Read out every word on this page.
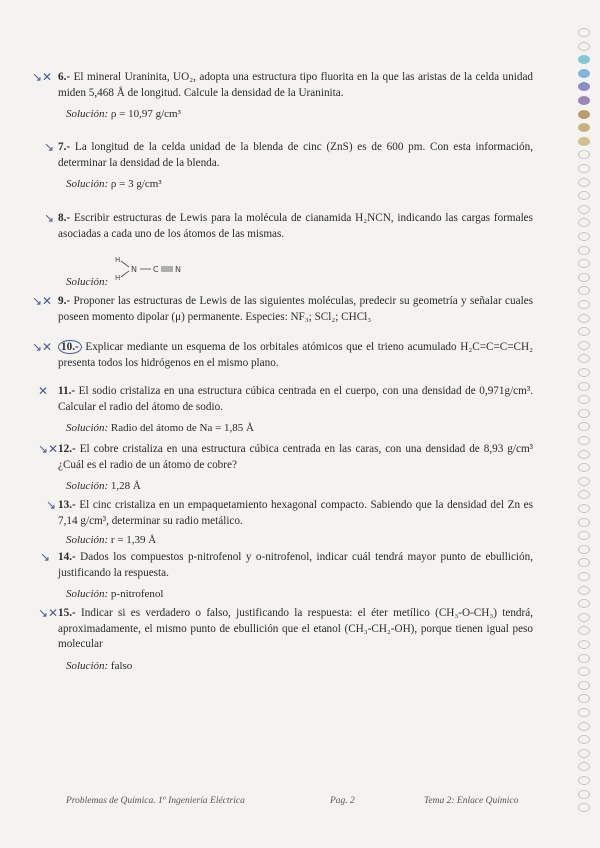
↘✕ 6.- El mineral Uraninita, UO₂, adopta una estructura tipo fluorita en la que las aristas de la celda unidad miden 5,468 Å de longitud. Calcule la densidad de la Uraninita.
Solución: ρ = 10,97 g/cm³
↘ 7.- La longitud de la celda unidad de la blenda de cinc (ZnS) es de 600 pm. Con esta información, determinar la densidad de la blenda.
Solución: ρ = 3 g/cm³
↘ 8.- Escribir estructuras de Lewis para la molécula de cianamida H₂NCN, indicando las cargas formales asociadas a cada uno de los átomos de las mismas.
Solución:
H
H
N C N
↘✕ 9.- Proponer las estructuras de Lewis de las siguientes moléculas, predecir su geometría y señalar cuales poseen momento dipolar (μ) permanente. Especies: NF₃; SCl₂; CHCl₃
↘✕ 10.- Explicar mediante un esquema de los orbitales atómicos que el trieno acumulado H₂C=C=C=CH₂ presenta todos los hidrógenos en el mismo plano.
✕ 11.- El sodio cristaliza en una estructura cúbica centrada en el cuerpo, con una densidad de 0,971g/cm³. Calcular el radio del átomo de sodio.
Solución: Radio del átomo de Na = 1,85 Å
↘✕ 12.- El cobre cristaliza en una estructura cúbica centrada en las caras, con una densidad de 8,93 g/cm³ ¿Cuál es el radio de un átomo de cobre?
Solución: 1,28 Å
↘ 13.- El cinc cristaliza en un empaquetamiento hexagonal compacto. Sabiendo que la densidad del Zn es 7,14 g/cm³, determinar su radio metálico.
Solución: r = 1,39 Å
↘ 14.- Dados los compuestos p-nitrofenol y o-nitrofenol, indicar cuál tendrá mayor punto de ebullición, justificando la respuesta.
Solución: p-nitrofenol
↘✕ 15.- Indicar si es verdadero o falso, justificando la respuesta: el éter metílico (CH₃-O-CH₃) tendrá, aproximadamente, el mismo punto de ebullición que el etanol (CH₃-CH₂-OH), porque tienen igual peso molecular
Solución: falso
Problemas de Química. 1º Ingeniería Eléctrica	Pag. 2	Tema 2: Enlace Químico
